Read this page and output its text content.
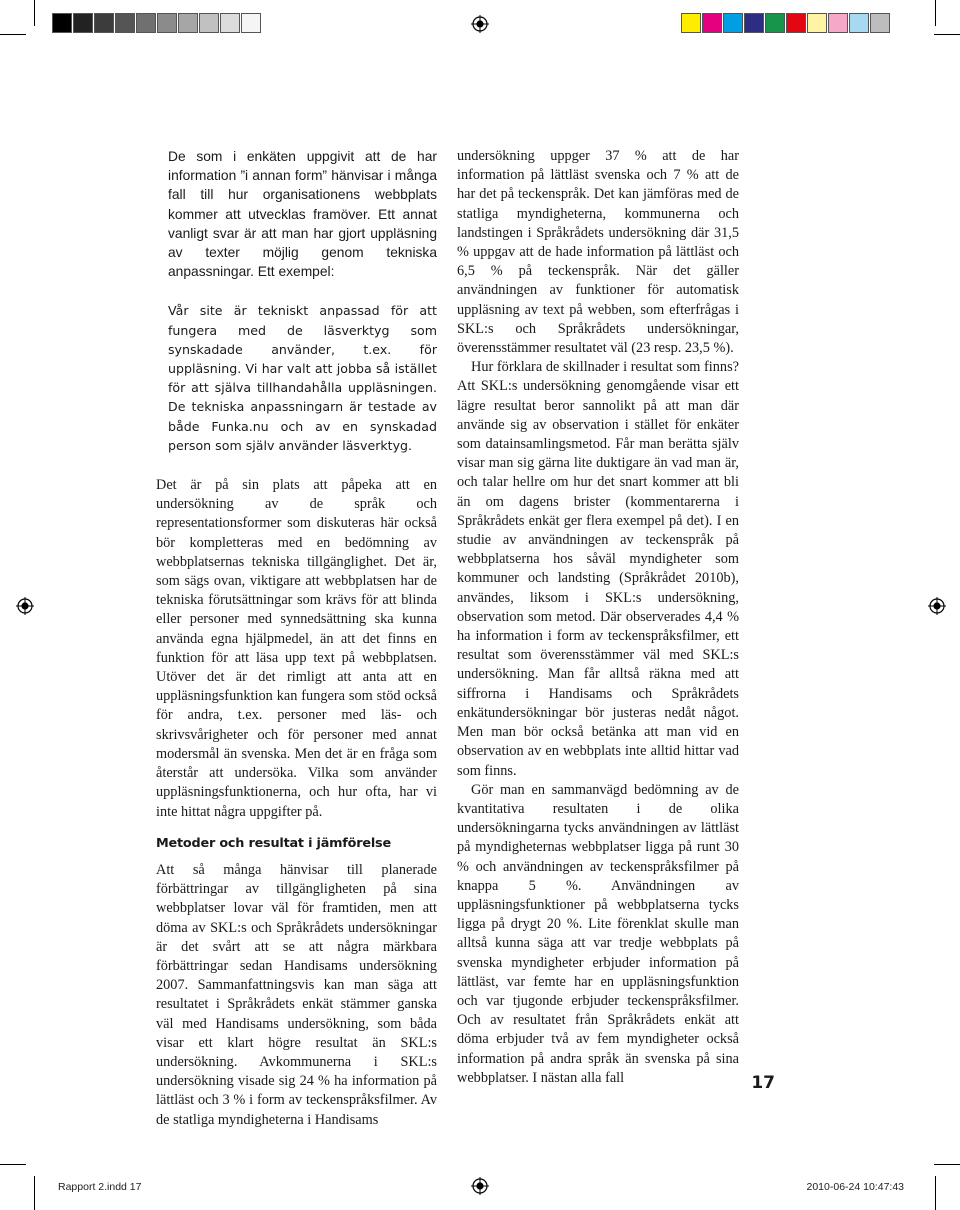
De som i enkäten uppgivit att de har information ”i annan form” hänvisar i många fall till hur organisationens webbplats kommer att utvecklas framöver. Ett annat vanligt svar är att man har gjort uppläsning av texter möjlig genom tekniska anpassningar. Ett exempel:

Vår site är tekniskt anpassad för att fungera med de läsverktyg som synskadade använder, t.ex. för uppläsning. Vi har valt att jobba så istället för att själva tillhandahålla uppläsningen. De tekniska anpassningarn är testade av både Funka.nu och av en synskadad person som själv använder läsverktyg.

Det är på sin plats att påpeka att en undersökning av de språk och representationsformer som diskuteras här också bör kompletteras med en bedömning av webbplatsernas tekniska tillgänglighet. Det är, som sägs ovan, viktigare att webbplatsen har de tekniska förutsättningar som krävs för att blinda eller personer med synnedsättning ska kunna använda egna hjälpmedel, än att det finns en funktion för att läsa upp text på webbplatsen. Utöver det är det rimligt att anta att en uppläsningsfunktion kan fungera som stöd också för andra, t.ex. personer med läs- och skrivsvårigheter och för personer med annat modersmål än svenska. Men det är en fråga som återstår att undersöka. Vilka som använder uppläsningsfunktionerna, och hur ofta, har vi inte hittat några uppgifter på.

Metoder och resultat i jämförelse

Att så många hänvisar till planerade förbättringar av tillgängligheten på sina webbplatser lovar väl för framtiden, men att döma av SKL:s och Språkrådets undersökningar är det svårt att se att några märkbara förbättringar sedan Handisams undersökning 2007. Sammanfattningsvis kan man säga att resultatet i Språkrådets enkät stämmer ganska väl med Handisams undersökning, som båda visar ett klart högre resultat än SKL:s undersökning. Avkommunerna i SKL:s undersökning visade sig 24 % ha information på lättläst och 3 % i form av teckenspråksfilmer. Av de statliga myndigheterna i Handisams

undersökning uppger 37 % att de har information på lättläst svenska och 7 % att de har det på teckenspråk. Det kan jämföras med de statliga myndigheterna, kommunerna och landstingen i Språkrådets undersökning där 31,5 % uppgav att de hade information på lättläst och 6,5 % på teckenspråk. När det gäller användningen av funktioner för automatisk uppläsning av text på webben, som efterfrågas i SKL:s och Språkrådets undersökningar, överensstämmer resultatet väl (23 resp. 23,5 %).

Hur förklara de skillnader i resultat som finns? Att SKL:s undersökning genomgående visar ett lägre resultat beror sannolikt på att man där använde sig av observation i stället för enkäter som datainsamlingsmetod. Får man berätta själv visar man sig gärna lite duktigare än vad man är, och talar hellre om hur det snart kommer att bli än om dagens brister (kommentarerna i Språkrådets enkät ger flera exempel på det). I en studie av användningen av teckenspråk på webbplatserna hos såväl myndigheter som kommuner och landsting (Språkrådet 2010b), användes, liksom i SKL:s undersökning, observation som metod. Där observerades 4,4 % ha information i form av teckenspråksfilmer, ett resultat som överensstämmer väl med SKL:s undersökning. Man får alltså räkna med att siffrorna i Handisams och Språkrådets enkätundersökningar bör justeras nedåt något. Men man bör också betänka att man vid en observation av en webbplats inte alltid hittar vad som finns.

Gör man en sammanvägd bedömning av de kvantitativa resultaten i de olika undersökningarna tycks användningen av lättläst på myndigheternas webbplatser ligga på runt 30 % och användningen av teckenspråksfilmer på knappa 5 %. Användningen av uppläsningsfunktioner på webbplatserna tycks ligga på drygt 20 %. Lite förenklat skulle man alltså kunna säga att var tredje webbplats på svenska myndigheter erbjuder information på lättläst, var femte har en uppläsningsfunktion och var tjugonde erbjuder teckenspråksfilmer. Och av resultatet från Språkrådets enkät att döma erbjuder två av fem myndigheter också information på andra språk än svenska på sina webbplatser. I nästan alla fall	17
Rapport 2.indd 17	2010-06-24 10:47:43
